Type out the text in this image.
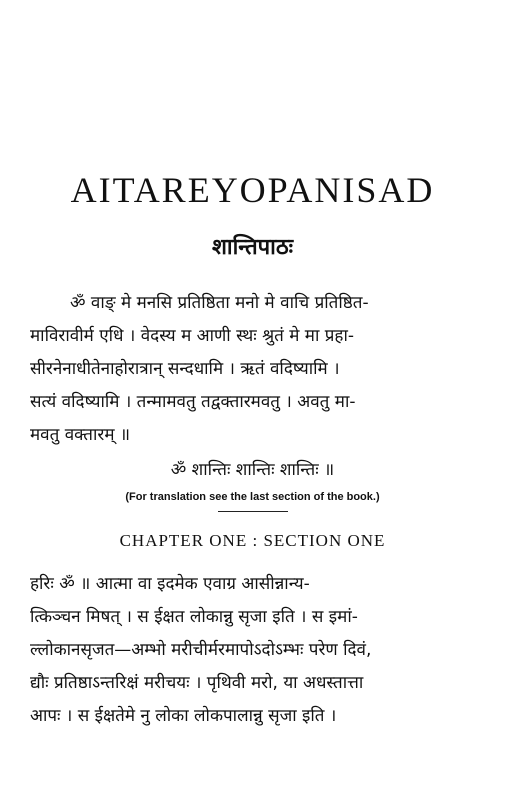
AITAREYOPANISAD
शान्तिपाठः
ॐ वाङ् मे मनसि प्रतिष्ठिता मनो मे वाचि प्रतिष्ठित-
माविरावीर्म एधि । वेदस्य म आणी स्थः श्रुतं मे मा प्रहा-
सीरनेनाधीतेनाहोरात्रान् सन्दधामि । ऋतं वदिष्यामि ।
सत्यं वदिष्यामि । तन्मामवतु तद्वक्तारमवतु । अवतु मा-
मवतु वक्तारम् ॥
ॐ शान्तिः शान्तिः शान्तिः ॥
(For translation see the last section of the book.)
CHAPTER ONE : SECTION ONE
हरिः ॐ ॥ आत्मा वा इदमेक एवाग्र आसीन्नान्य-
त्किञ्चन मिषत् । स ईक्षत लोकान्नु सृजा इति । स इमां-
ल्लोकानसृजत—अम्भो मरीचीर्मरमापोऽदोऽम्भः परेण दिवं,
द्यौः प्रतिष्ठाऽन्तरिक्षं मरीचयः । पृथिवी मरो, या अधस्तात्ता
आपः । स ईक्षतेमे नु लोका लोकपालान्नु सृजा इति ।
